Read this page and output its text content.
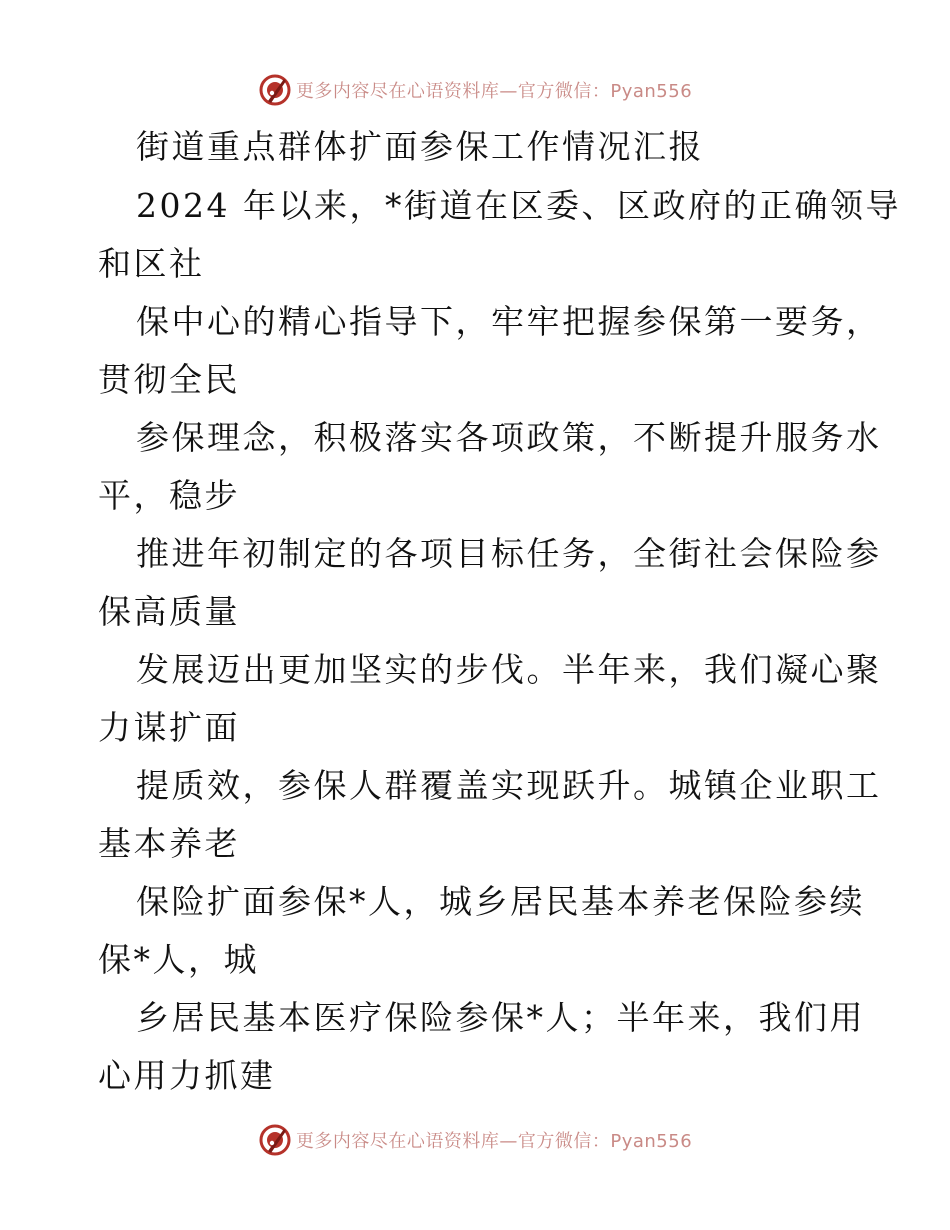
更多内容尽在心语资料库—官方微信：Pyan556
街道重点群体扩面参保工作情况汇报
2024 年以来，*街道在区委、区政府的正确领导
和区社
保中心的精心指导下，牢牢把握参保第一要务，
贯彻全民
参保理念，积极落实各项政策，不断提升服务水
平，稳步
推进年初制定的各项目标任务，全街社会保险参
保高质量
发展迈出更加坚实的步伐。半年来，我们凝心聚
力谋扩面
提质效，参保人群覆盖实现跃升。城镇企业职工
基本养老
保险扩面参保*人，城乡居民基本养老保险参续
保*人，城
乡居民基本医疗保险参保*人；半年来，我们用
心用力抓建
更多内容尽在心语资料库—官方微信：Pyan556
